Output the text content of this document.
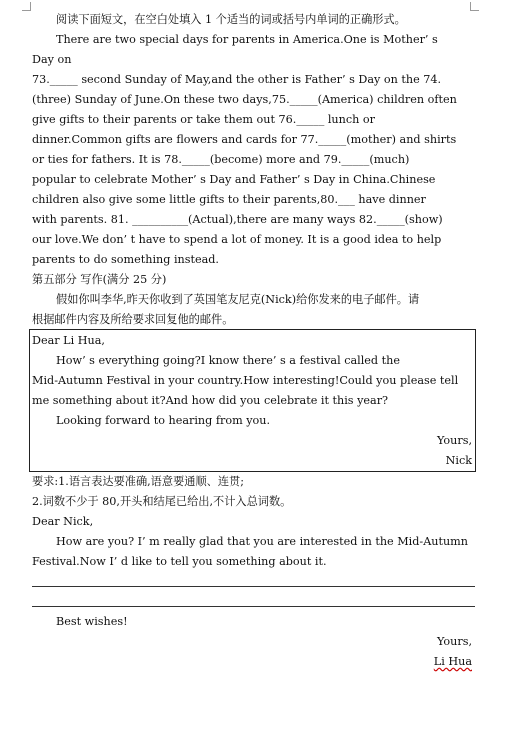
阅读下面短文，在空白处填入 1 个适当的词或括号内单词的正确形式。
There are two special days for parents in America.One is Mother’ s
Day on
73._____ second Sunday of May,and the other is Father’ s Day on the 74.
(three) Sunday of June.On these two days,75._____(America) children often
give gifts to their parents or take them out 76._____ lunch or
dinner.Common gifts are flowers and cards for 77._____(mother) and shirts
or ties for fathers. It is 78._____(become) more and 79._____(much)
popular to celebrate Mother’ s Day and Father’ s Day in China.Chinese
children also give some little gifts to their parents,80.___ have dinner
with parents. 81. __________(Actual),there are many ways 82._____(show)
our love.We don’ t have to spend a lot of money. It is a good idea to help
parents to do something instead.
第五部分 写作(满分 25 分)
假如你叫李华,昨天你收到了英国笔友尼克(Nick)给你发来的电子邮件。请
根据邮件内容及所给要求回复他的邮件。
Dear Li Hua,
How’ s everything going?I know there’ s a festival called the
Mid-Autumn Festival in your country.How interesting!Could you please tell
me something about it?And how did you celebrate it this year?
Looking forward to hearing from you.
Yours,
Nick
要求:1.语言表达要准确,语意要通顺、连贯;
2.词数不少于 80,开头和结尾已给出,不计入总词数。
Dear Nick,
How are you? I’ m really glad that you are interested in the Mid-Autumn
Festival.Now I’ d like to tell you something about it.
Best wishes!
Yours,
Li Hua
